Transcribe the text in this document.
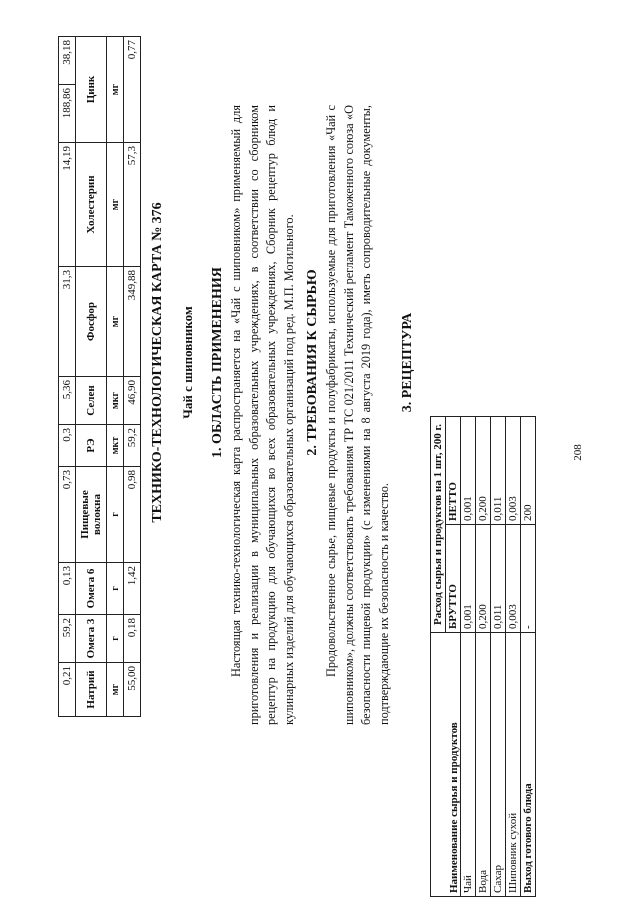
0,21	59,2	0,13	0,73	0,3	5,36	31,3	14,19	188,86	38,18
Натрий	Омега 3	Омега 6	Пищевые волокна	РЭ	Селен	Фосфор	Холестерин	Цинк	
мг	г	г	г	мкт	мкг	мг	мг	мг	
55,00	0,18	1,42	0,98	59,2	46,90	349,88	57,3	0,77	
ТЕХНИКО-ТЕХНОЛОГИЧЕСКАЯ КАРТА № 376 Чай с шиповником 1. ОБЛАСТЬ ПРИМЕНЕНИЯ Настоящая технико-технологическая карта распространяется на «Чай с шиповником» применяемый для приготовления и реализации в муниципальных образовательных учреждениях, в соответствии со сборником рецептур на продукцию для обучающихся во всех образовательных учреждениях, Сборник рецептур блюд и кулинарных изделий для обучающихся образовательных организаций под ред. М.П. Могильного. 2. ТРЕБОВАНИЯ К СЫРЬЮ Продовольственное сырье, пищевые продукты и полуфабрикаты, используемые для приготовления «Чай с шиповником», должны соответствовать требованиям ТР ТС 021/2011 Технический регламент Таможенного союза «О безопасности пищевой продукции» (с изменениями на 8 августа 2019 года), иметь сопроводительные документы, подтверждающие их безопасность и качество.
3. РЕЦЕПТУРА
Наименование сырья и продуктов	Расход сырья и продуктов на 1 шт, 200 г.	
	БРУТТО	НЕТТО
Чай	0,001	0,001
Вода	0,200	0,200
Сахар	0,011	0,011
Шиповник сухой	0,003	0,003
Выход готового блюда	-	200
208
